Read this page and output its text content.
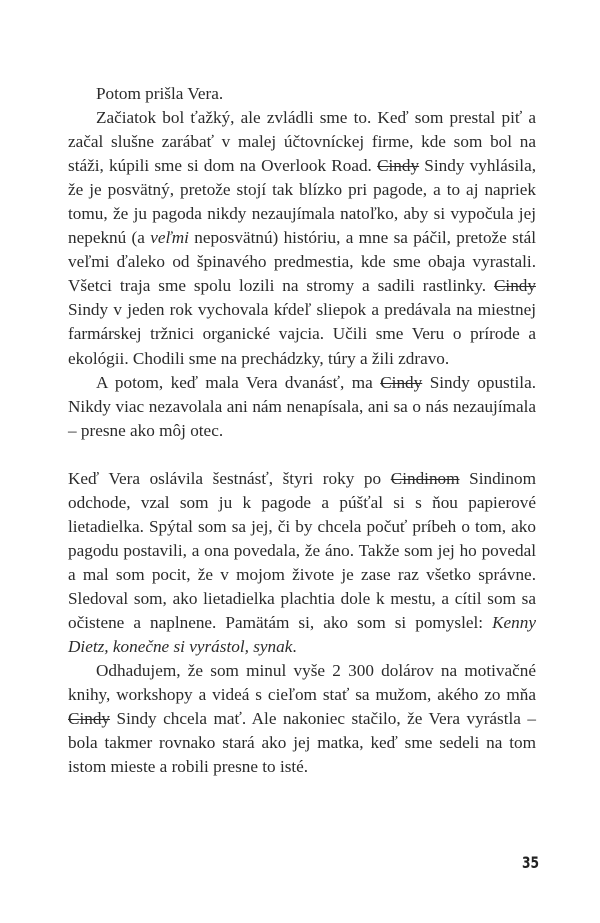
Potom prišla Vera.

Začiatok bol ťažký, ale zvládli sme to. Keď som prestal piť a začal slušne zarábať v malej účtovníckej firme, kde som bol na stáži, kúpili sme si dom na Overlook Road. Cindy Sindy vyhlásila, že je posvätný, pretože stojí tak blízko pri pagode, a to aj napriek tomu, že ju pagoda nikdy nezaujímala natoľko, aby si vypočula jej nepeknú (a veľmi neposvätnú) históriu, a mne sa páčil, pretože stál veľmi ďaleko od špinavého predmestia, kde sme obaja vyrastali. Všetci traja sme spolu lozili na stromy a sadili rastlinky. Cindy Sindy v jeden rok vychovala kŕdeľ sliepok a predávala na miestnej farmárskej tržnici organické vajcia. Učili sme Veru o prírode a ekológii. Chodili sme na prechádzky, túry a žili zdravo.

A potom, keď mala Vera dvanásť, ma Cindy Sindy opustila. Nikdy viac nezavolala ani nám nenapísala, ani sa o nás nezaujímala – presne ako môj otec.

Keď Vera oslávila šestnásť, štyri roky po Cindinom Sindinom odchode, vzal som ju k pagode a púšťal si s ňou papierové lietadielka. Spýtal som sa jej, či by chcela počuť príbeh o tom, ako pagodu postavili, a ona povedala, že áno. Takže som jej ho povedal a mal som pocit, že v mojom živote je zase raz všetko správne. Sledoval som, ako lietadielka plachtia dole k mestu, a cítil som sa očistene a naplnene. Pamätám si, ako som si pomyslel: Kenny Dietz, konečne si vyrástol, synak.

Odhadujem, že som minul vyše 2 300 dolárov na motivačné knihy, workshopy a videá s cieľom stať sa mužom, akého zo mňa Cindy Sindy chcela mať. Ale nakoniec stačilo, že Vera vyrástla – bola takmer rovnako stará ako jej matka, keď sme sedeli na tom istom mieste a robili presne to isté.

35
